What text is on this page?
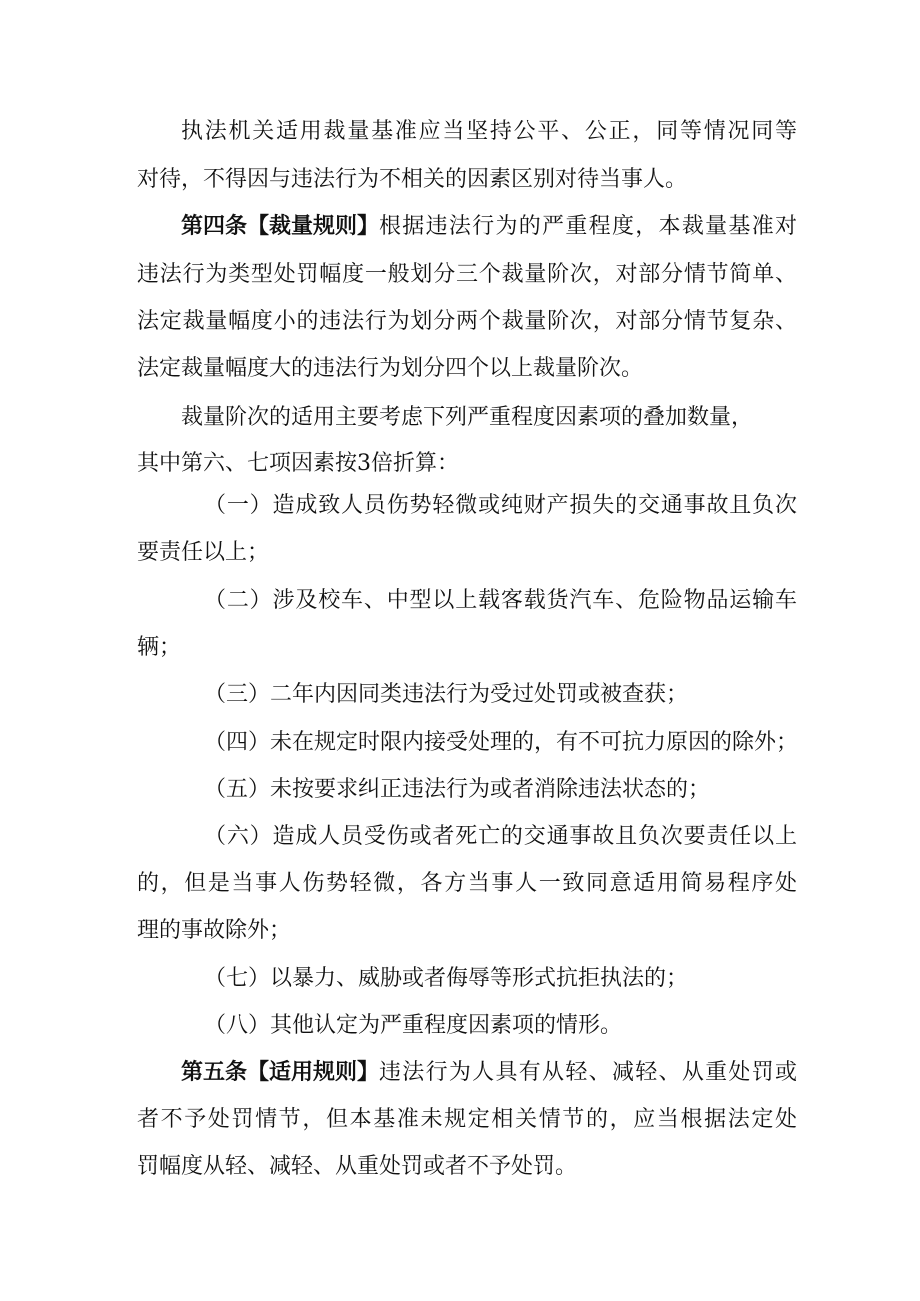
执法机关适用裁量基准应当坚持公平、公正，同等情况同等
对待，不得因与违法行为不相关的因素区别对待当事人。
第四条【裁量规则】 根据违法行为的严重程度，本裁量基准对
违法行为类型处罚幅度一般划分三个裁量阶次，对部分情节简单、
法定裁量幅度小的违法行为划分两个裁量阶次，对部分情节复杂、
法定裁量幅度大的违法行为划分四个以上裁量阶次。
裁量阶次的适用主要考虑下列严重程度因素项的叠加数量，
其中第六、七项因素按3倍折算：
（一）造成致人员伤势轻微或纯财产损失的交通事故且负次
要责任以上；
（二）涉及校车、中型以上载客载货汽车、危险物品运输车
辆；
（三）二年内因同类违法行为受过处罚或被查获；
（四）未在规定时限内接受处理的，有不可抗力原因的除外；
（五）未按要求纠正违法行为或者消除违法状态的；
（六）造成人员受伤或者死亡的交通事故且负次要责任以上
的，但是当事人伤势轻微，各方当事人一致同意适用简易程序处
理的事故除外；
（七）以暴力、威胁或者侮辱等形式抗拒执法的；
（八）其他认定为严重程度因素项的情形。
第五条【适用规则】 违法行为人具有从轻、减轻、从重处罚或
者不予处罚情节，但本基准未规定相关情节的，应当根据法定处
罚幅度从轻、减轻、从重处罚或者不予处罚。
